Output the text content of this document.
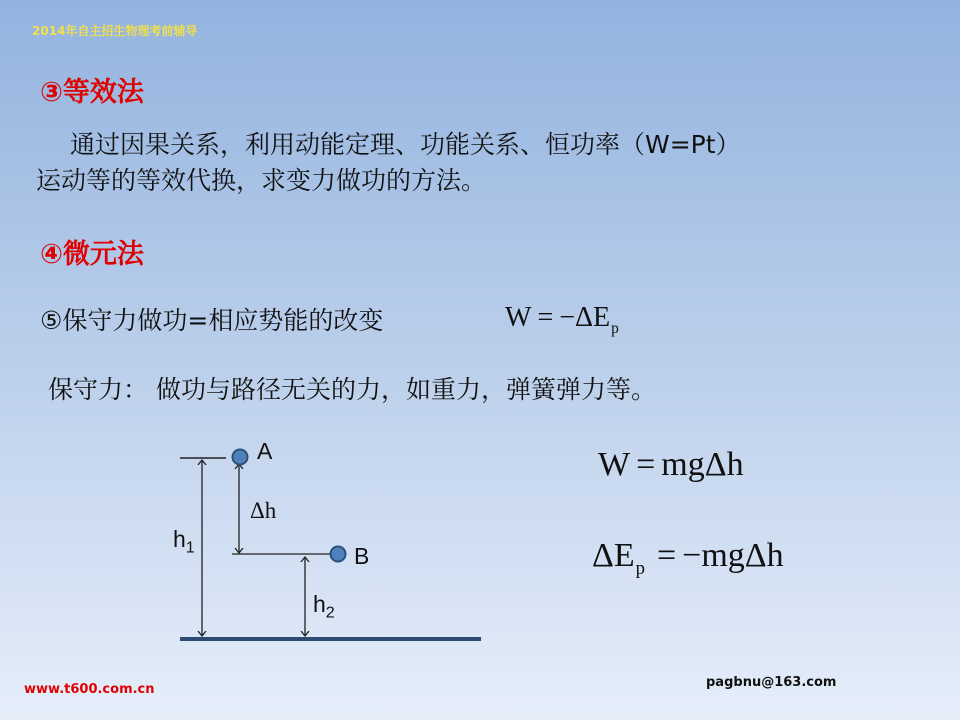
2014年自主招生物理考前辅导
③等效法
通过因果关系，利用动能定理、功能关系、恒功率（W=Pt）
运动等的等效代换，求变力做功的方法。
④微元法
⑤保守力做功=相应势能的改变	$W = -\Delta E_p$
保守力： 做功与路径无关的力，如重力，弹簧弹力等。
A
B
$h_1$
$h_2$
Δh
W = mgΔh
$\Delta E_p = -mg\Delta h$
www.t600.com.cn	pagbnu@163.com
